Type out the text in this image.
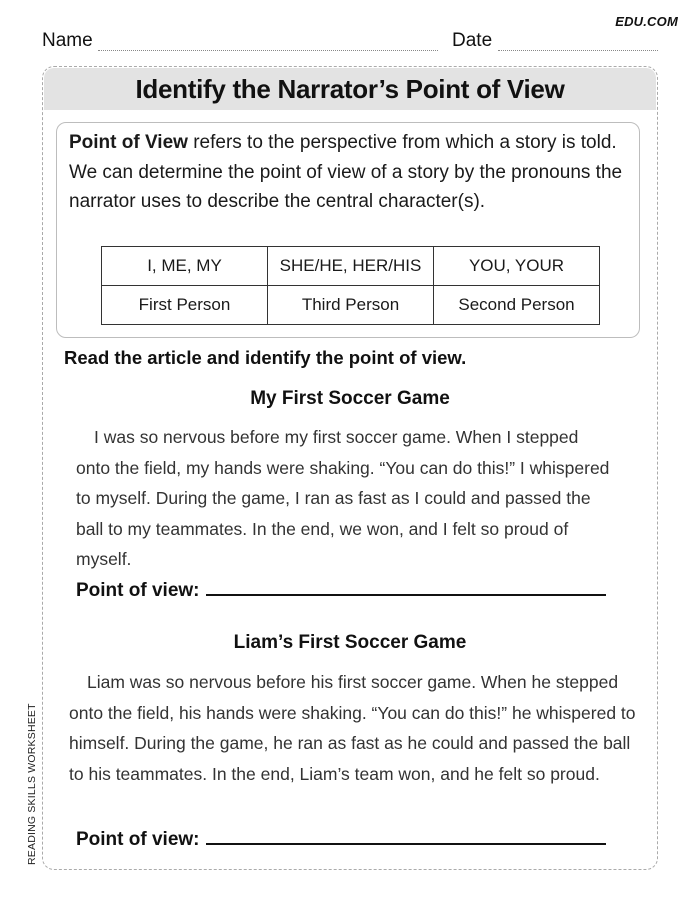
EDU.COM
Name	Date
READING SKILLS WORKSHEET
Identify the Narrator’s Point of View
Point of View refers to the perspective from which a story is told. We can determine the point of view of a story by the pronouns the narrator uses to describe the central character(s).
I, ME, MY	SHE/HE, HER/HIS	YOU, YOUR
First Person	Third Person	Second Person
Read the article and identify the point of view.
My First Soccer Game

I was so nervous before my first soccer game. When I stepped onto the field, my hands were shaking. “You can do this!” I whispered to myself. During the game, I ran as fast as I could and passed the ball to my teammates. In the end, we won, and I felt so proud of myself.

Point of view:
Liam’s First Soccer Game

Liam was so nervous before his first soccer game. When he stepped onto the field, his hands were shaking. “You can do this!” he whispered to himself. During the game, he ran as fast as he could and passed the ball to his teammates. In the end, Liam’s team won, and he felt so proud.

Point of view:
